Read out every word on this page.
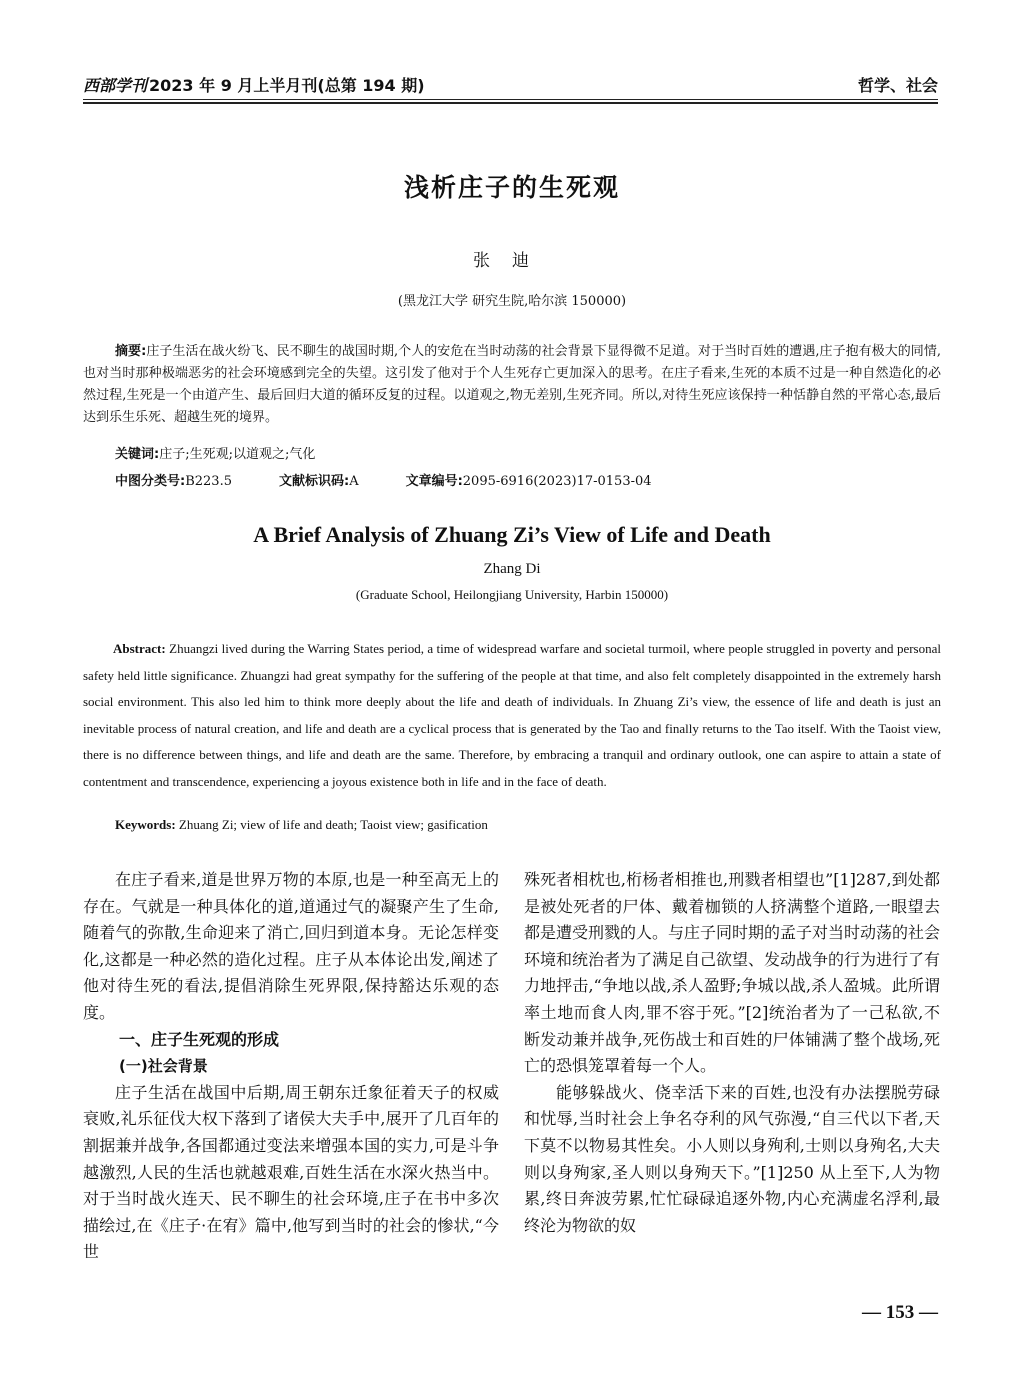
西部学刊 2023 年 9 月上半月刊(总第 194 期)	哲学、社会
浅析庄子的生死观
张迪
(黑龙江大学 研究生院,哈尔滨 150000)
摘要:庄子生活在战火纷飞、民不聊生的战国时期,个人的安危在当时动荡的社会背景下显得微不足道。对于当时百姓的遭遇,庄子抱有极大的同情,也对当时那种极端恶劣的社会环境感到完全的失望。这引发了他对于个人生死存亡更加深入的思考。在庄子看来,生死的本质不过是一种自然造化的必然过程,生死是一个由道产生、最后回归大道的循环反复的过程。以道观之,物无差别,生死齐同。所以,对待生死应该保持一种恬静自然的平常心态,最后达到乐生乐死、超越生死的境界。
关键词:庄子;生死观;以道观之;气化
中图分类号:B223.5	文献标识码:A	文章编号:2095-6916(2023)17-0153-04
A Brief Analysis of Zhuang Zi’s View of Life and Death
Zhang Di
(Graduate School, Heilongjiang University, Harbin 150000)
Abstract: Zhuangzi lived during the Warring States period, a time of widespread warfare and societal turmoil, where people struggled in poverty and personal safety held little significance. Zhuangzi had great sympathy for the suffering of the people at that time, and also felt completely disappointed in the extremely harsh social environment. This also led him to think more deeply about the life and death of individuals. In Zhuang Zi’s view, the essence of life and death is just an inevitable process of natural creation, and life and death are a cyclical process that is generated by the Tao and finally returns to the Tao itself. With the Taoist view, there is no difference between things, and life and death are the same. Therefore, by embracing a tranquil and ordinary outlook, one can aspire to attain a state of contentment and transcendence, experiencing a joyous existence both in life and in the face of death.
Keywords: Zhuang Zi; view of life and death; Taoist view; gasification

在庄子看来,道是世界万物的本原,也是一种至高无上的存在。气就是一种具体化的道,道通过气的凝聚产生了生命,随着气的弥散,生命迎来了消亡,回归到道本身。无论怎样变化,这都是一种必然的造化过程。庄子从本体论出发,阐述了他对待生死的看法,提倡消除生死界限,保持豁达乐观的态度。

一、庄子生死观的形成

(一)社会背景

庄子生活在战国中后期,周王朝东迁象征着天子的权威衰败,礼乐征伐大权下落到了诸侯大夫手中,展开了几百年的割据兼并战争,各国都通过变法来增强本国的实力,可是斗争越激烈,人民的生活也就越艰难,百姓生活在水深火热当中。对于当时战火连天、民不聊生的社会环境,庄子在书中多次描绘过,在《庄子·在宥》篇中,他写到当时的社会的惨状,“今世

殊死者相枕也,桁杨者相推也,刑戮者相望也”[1]287,到处都是被处死者的尸体、戴着枷锁的人挤满整个道路,一眼望去都是遭受刑戮的人。与庄子同时期的孟子对当时动荡的社会环境和统治者为了满足自己欲望、发动战争的行为进行了有力地抨击,“争地以战,杀人盈野;争城以战,杀人盈城。此所谓率土地而食人肉,罪不容于死。”[2]统治者为了一己私欲,不断发动兼并战争,死伤战士和百姓的尸体铺满了整个战场,死亡的恐惧笼罩着每一个人。

能够躲战火、侥幸活下来的百姓,也没有办法摆脱劳碌和忧辱,当时社会上争名夺利的风气弥漫,“自三代以下者,天下莫不以物易其性矣。小人则以身殉利,士则以身殉名,大夫则以身殉家,圣人则以身殉天下。”[1]250 从上至下,人为物累,终日奔波劳累,忙忙碌碌追逐外物,内心充满虚名浮利,最终沦为物欲的奴

— 153 —
